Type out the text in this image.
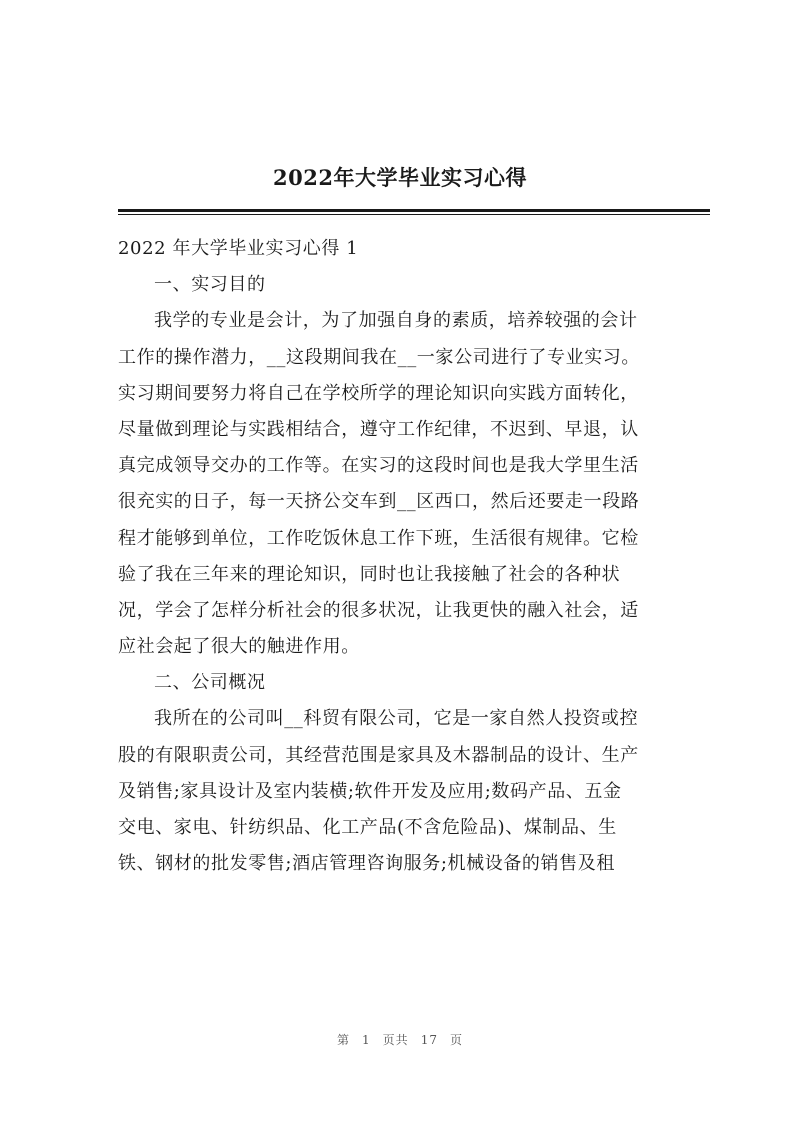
2022年大学毕业实习心得
2022 年大学毕业实习心得 1
一、实习目的
我学的专业是会计，为了加强自身的素质，培养较强的会计
工作的操作潜力，__这段期间我在__一家公司进行了专业实习。
实习期间要努力将自己在学校所学的理论知识向实践方面转化，
尽量做到理论与实践相结合，遵守工作纪律，不迟到、早退，认
真完成领导交办的工作等。在实习的这段时间也是我大学里生活
很充实的日子，每一天挤公交车到__区西口，然后还要走一段路
程才能够到单位，工作吃饭休息工作下班，生活很有规律。它检
验了我在三年来的理论知识，同时也让我接触了社会的各种状
况，学会了怎样分析社会的很多状况，让我更快的融入社会，适
应社会起了很大的触进作用。
二、公司概况
我所在的公司叫__科贸有限公司，它是一家自然人投资或控
股的有限职责公司，其经营范围是家具及木器制品的设计、生产
及销售;家具设计及室内装横;软件开发及应用;数码产品、五金
交电、家电、针纺织品、化工产品(不含危险品)、煤制品、生
铁、钢材的批发零售;酒店管理咨询服务;机械设备的销售及租
第 1 页共 17 页
